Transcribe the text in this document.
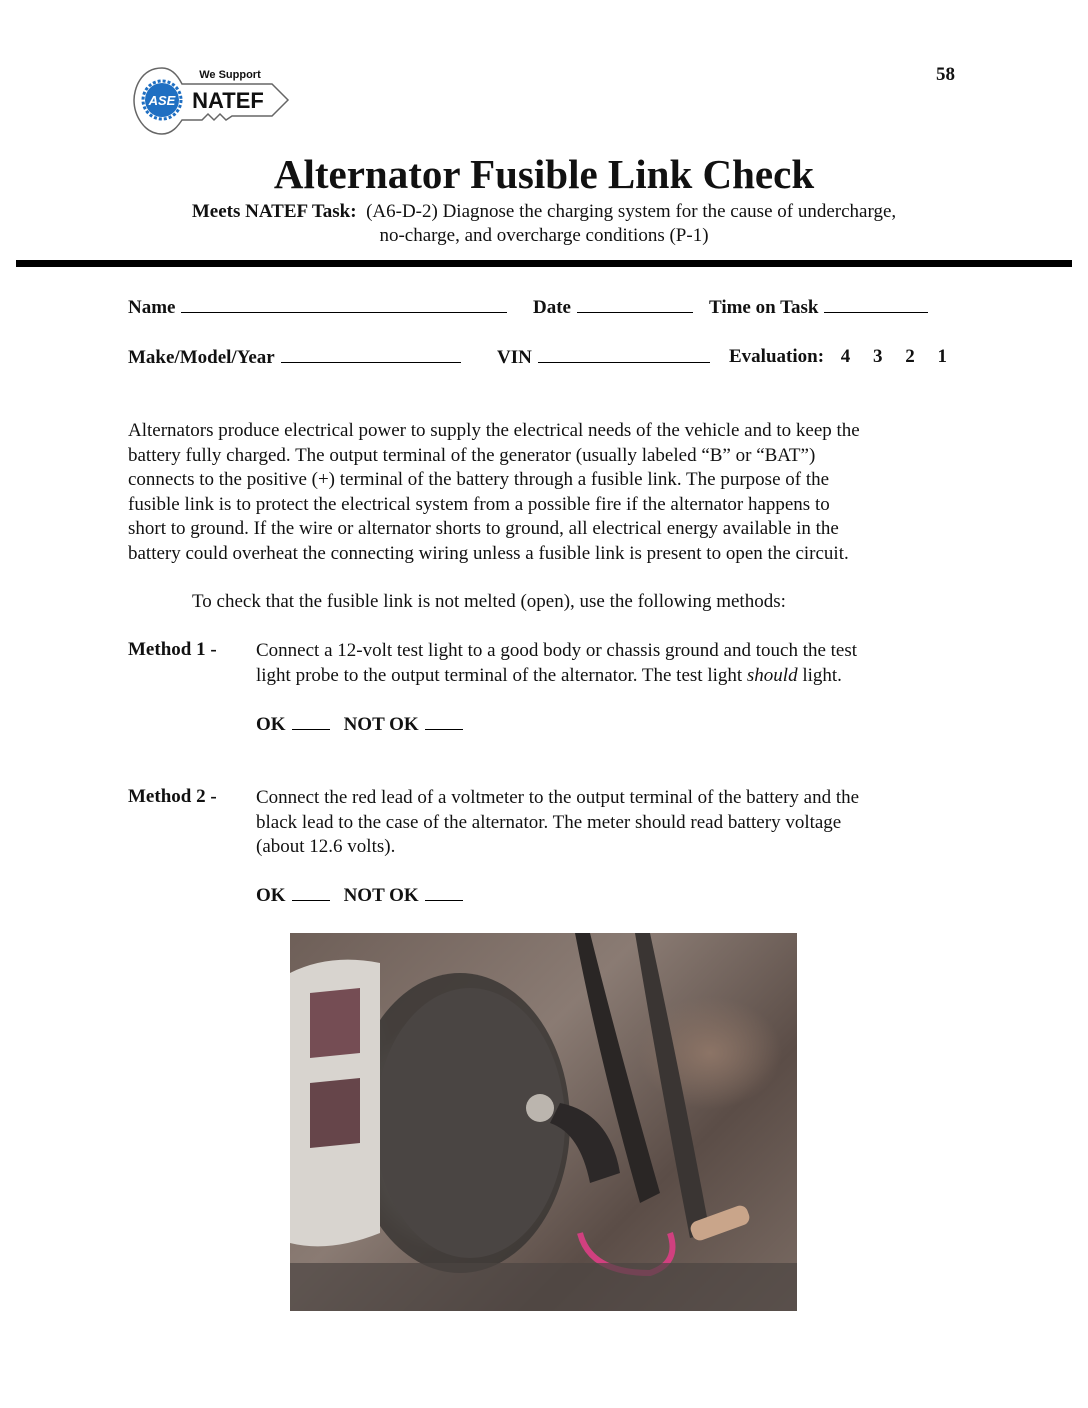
58
ASE
We Support
NATEF
Alternator Fusible Link Check
Meets NATEF Task: (A6-D-2) Diagnose the charging system for the cause of undercharge,
no-charge, and overcharge conditions (P-1)
Name	Date	Time on Task
Make/Model/Year	VIN	Evaluation: 4 3 2 1
Alternators produce electrical power to supply the electrical needs of the vehicle and to keep the
battery fully charged. The output terminal of the generator (usually labeled “B” or “BAT”)
connects to the positive (+) terminal of the battery through a fusible link. The purpose of the
fusible link is to protect the electrical system from a possible fire if the alternator happens to
short to ground. If the wire or alternator shorts to ground, all electrical energy available in the
battery could overheat the connecting wiring unless a fusible link is present to open the circuit.
To check that the fusible link is not melted (open), use the following methods:
Method 1 - Connect a 12-volt test light to a good body or chassis ground and touch the test
light probe to the output terminal of the alternator. The test light should light.
OK	NOT OK
Method 2 - Connect the red lead of a voltmeter to the output terminal of the battery and the
black lead to the case of the alternator. The meter should read battery voltage
(about 12.6 volts).
OK	NOT OK
